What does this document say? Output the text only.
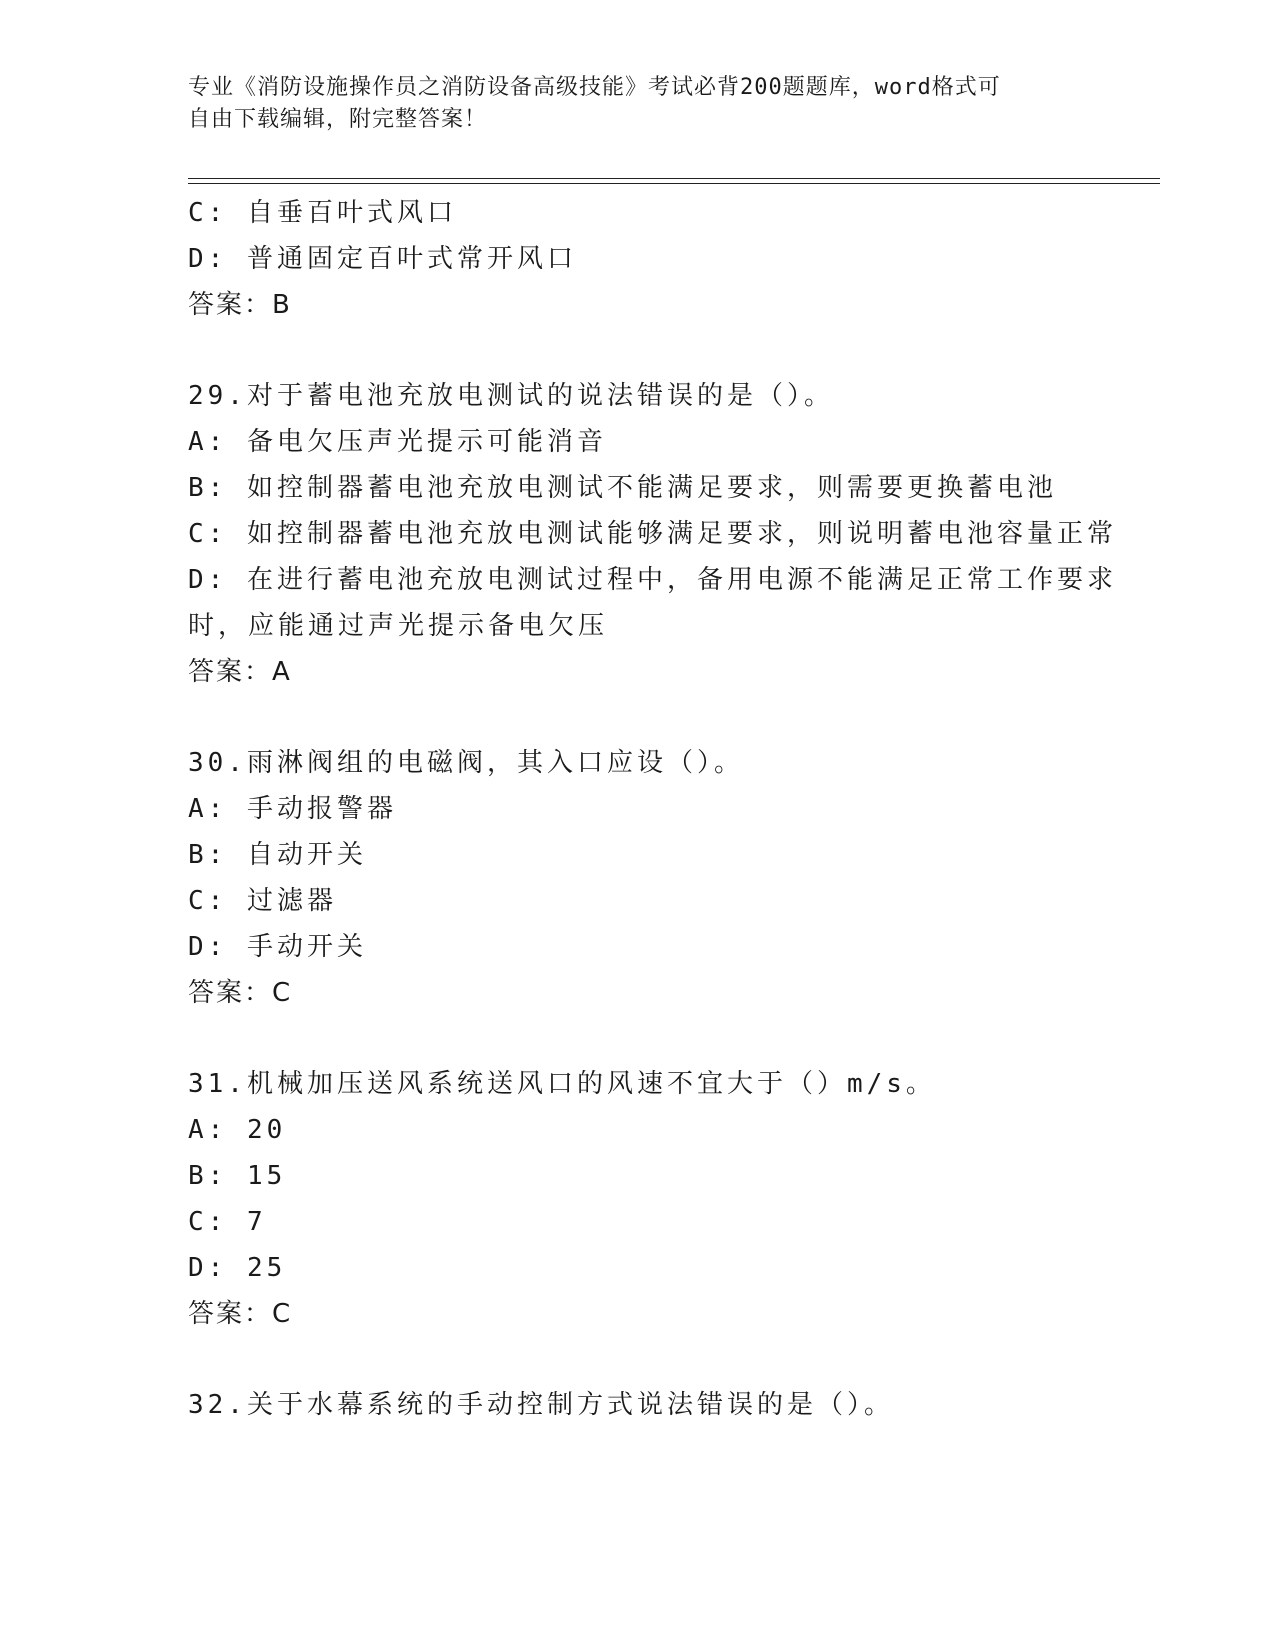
专业《消防设施操作员之消防设备高级技能》考试必背200题题库，word格式可
自由下载编辑，附完整答案！
C: 自垂百叶式风口
D: 普通固定百叶式常开风口
答案：B
29.对于蓄电池充放电测试的说法错误的是（）。
A: 备电欠压声光提示可能消音
B: 如控制器蓄电池充放电测试不能满足要求，则需要更换蓄电池
C: 如控制器蓄电池充放电测试能够满足要求，则说明蓄电池容量正常
D: 在进行蓄电池充放电测试过程中，备用电源不能满足正常工作要求
时，应能通过声光提示备电欠压
答案：A
30.雨淋阀组的电磁阀，其入口应设（）。
A: 手动报警器
B: 自动开关
C: 过滤器
D: 手动开关
答案：C
31.机械加压送风系统送风口的风速不宜大于（）m/s。
A: 20
B: 15
C: 7
D: 25
答案：C
32.关于水幕系统的手动控制方式说法错误的是（）。
